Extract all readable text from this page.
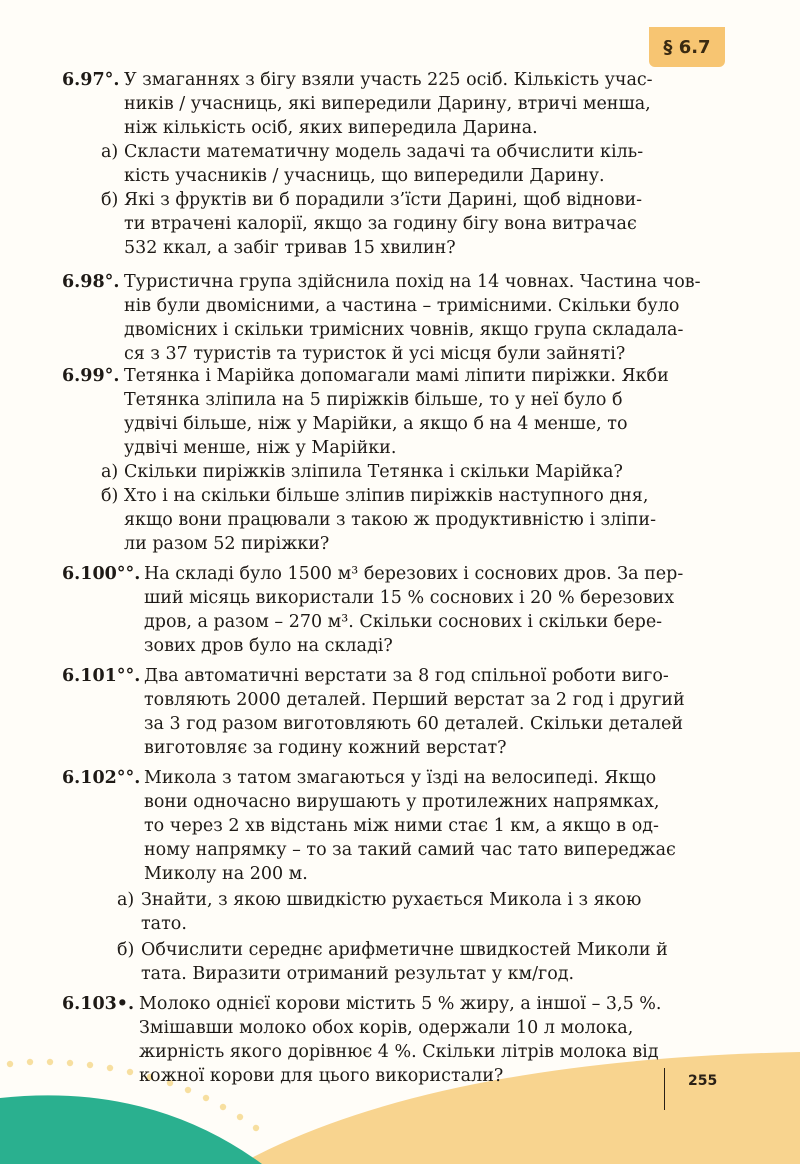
§ 6.7
6.97°. У змаганнях з бігу взяли участь 225 осіб. Кількість учас-
ників / учасниць, які випередили Дарину, втричі менша,
ніж кількість осіб, яких випередила Дарина.
а) Скласти математичну модель задачі та обчислити кіль-
кість учасників / учасниць, що випередили Дарину.
б) Які з фруктів ви б порадили з’їсти Дарині, щоб віднови-
ти втрачені калорії, якщо за годину бігу вона витрачає
532 ккал, а забіг тривав 15 хвилин?
6.98°. Туристична група здійснила похід на 14 човнах. Частина чов-
нів були двомісними, а частина – тримісними. Скільки було
двомісних і скільки тримісних човнів, якщо група складала-
ся з 37 туристів та туристок й усі місця були зайняті?
6.99°. Тетянка і Марійка допомагали мамі ліпити пиріжки. Якби
Тетянка зліпила на 5 пиріжків більше, то у неї було б
удвічі більше, ніж у Марійки, а якщо б на 4 менше, то
удвічі менше, ніж у Марійки.
а) Скільки пиріжків зліпила Тетянка і скільки Марійка?
б) Хто і на скільки більше зліпив пиріжків наступного дня,
якщо вони працювали з такою ж продуктивністю і зліпи-
ли разом 52 пиріжки?
6.100°°. На складі було 1500 м³ березових і соснових дров. За пер-
ший місяць використали 15 % соснових і 20 % березових
дров, а разом – 270 м³. Скільки соснових і скільки бере-
зових дров було на складі?
6.101°°. Два автоматичні верстати за 8 год спільної роботи виго-
товляють 2000 деталей. Перший верстат за 2 год і другий
за 3 год разом виготовляють 60 деталей. Скільки деталей
виготовляє за годину кожний верстат?
6.102°°. Микола з татом змагаються у їзді на велосипеді. Якщо
вони одночасно вирушають у протилежних напрямках,
то через 2 хв відстань між ними стає 1 км, а якщо в од-
ному напрямку – то за такий самий час тато випереджає
Миколу на 200 м.
а) Знайти, з якою швидкістю рухається Микола і з якою
тато.
б) Обчислити середнє арифметичне швидкостей Миколи й
тата. Виразити отриманий результат у км/год.
6.103•. Молоко однієї корови містить 5 % жиру, а іншої – 3,5 %.
Змішавши молоко обох корів, одержали 10 л молока,
жирність якого дорівнює 4 %. Скільки літрів молока від
кожної корови для цього використали?	255
